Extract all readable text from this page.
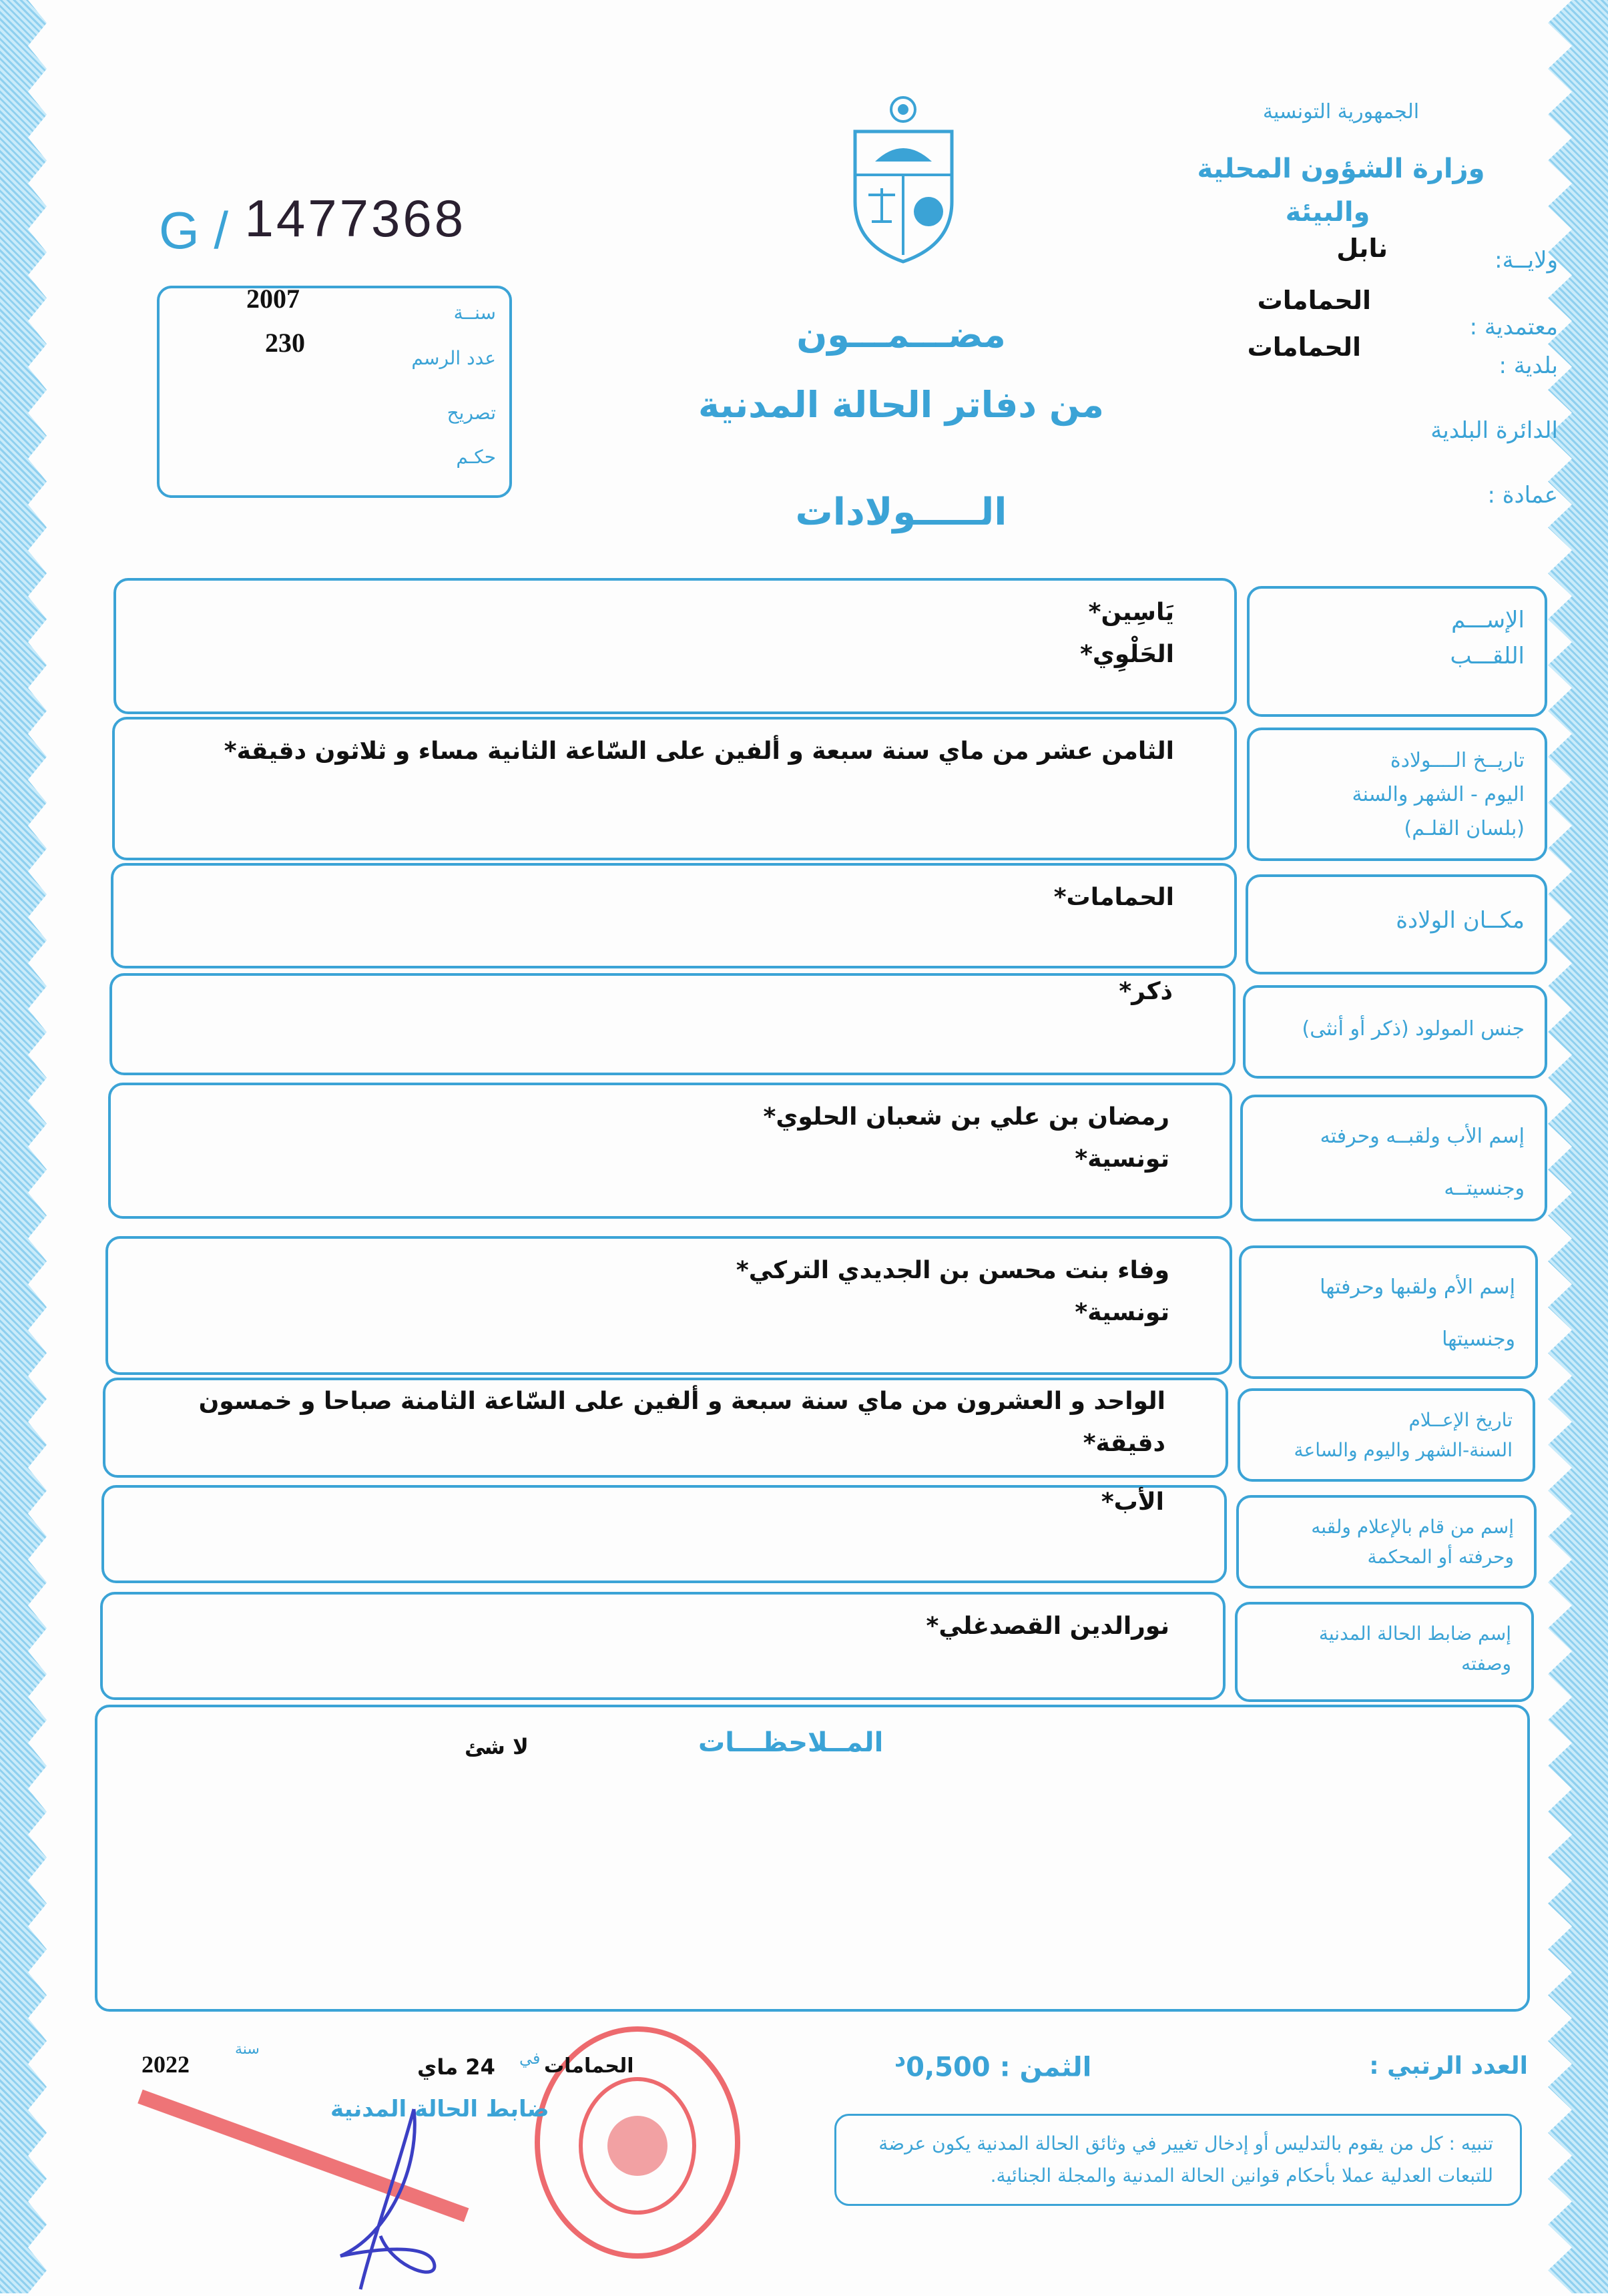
G / 1477368
2007
230
سنــة
عدد الرسم
تصريح
حكـم
الجمهورية التونسية
وزارة الشؤون المحلية
والبيئة
ولايــة:
نابل
معتمدية :
الحمامات
بلدية :
الحمامات
الدائرة البلدية
عمادة :
مضـــمـــون
من دفاتر الحالة المدنية
الـــــولادات
يَاسِين*
الحَلْوِي*
الإســـم
اللقـــب
الثامن عشر من ماي سنة سبعة و ألفين على السّاعة الثانية مساء و ثلاثون دقيقة*	تاريــخ الــــولادة
اليوم - الشهر والسنة
(بلسان القلـم)
الحمامات*
مكــان الولادة
ذكر*
جنس المولود (ذكر أو أنثى)
رمضان بن علي بن شعبان الحلوي*
تونسية*
إسم الأب ولقبــه وحرفته
وجنسيتــه
وفاء بنت محسن بن الجديدي التركي*
تونسية*
إسم الأم ولقبها وحرفتها
وجنسيتها
الواحد و العشرون من ماي سنة سبعة و ألفين على السّاعة الثامنة صباحا و خمسون دقيقة*
تاريخ الإعــلام
السنة-الشهر واليوم والساعة
الأب*
إسم من قام بالإعلام ولقبه
وحرفته أو المحكمة
نورالدين القصدغلي*	إسم ضابط الحالة المدنية
وصفته
المــلاحظـــات
لا شئ
العدد الرتبي :
الثمن : $0,500^د$
تنبيه : كل من يقوم بالتدليس أو إدخال تغيير في وثائق الحالة المدنية يكون عرضة للتبعات العدلية عملا بأحكام قوانين الحالة المدنية والمجلة الجنائية.
2022
سنة
24 ماي في الحمامات
ضابط الحالة المدنية
